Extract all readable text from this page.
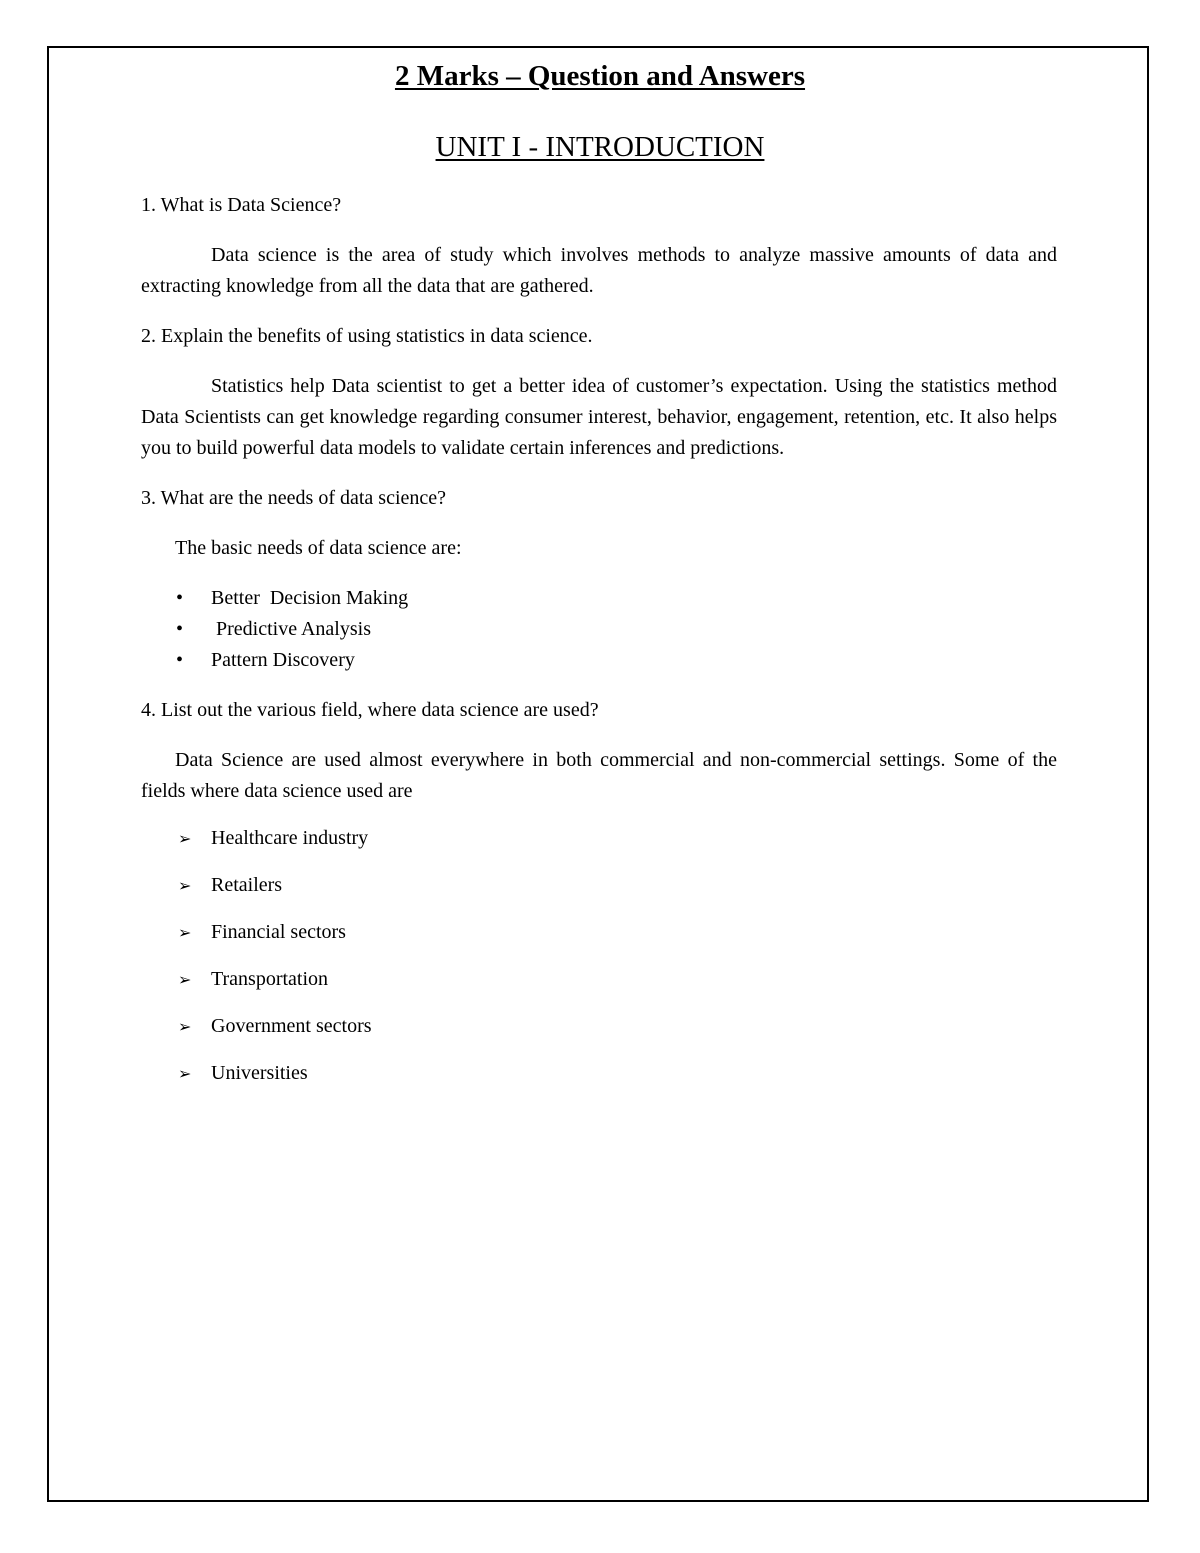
2 Marks – Question and Answers
UNIT I - INTRODUCTION

1. What is Data Science?

Data science is the area of study which involves methods to analyze massive amounts of data and extracting knowledge from all the data that are gathered.

2. Explain the benefits of using statistics in data science.

Statistics help Data scientist to get a better idea of customer’s expectation. Using the statistics method Data Scientists can get knowledge regarding consumer interest, behavior, engagement, retention, etc. It also helps you to build powerful data models to validate certain inferences and predictions.

3. What are the needs of data science?

The basic needs of data science are:

• Better  Decision Making
• Predictive Analysis
• Pattern Discovery

4. List out the various field, where data science are used?

Data Science are used almost everywhere in both commercial and non-commercial settings. Some of the fields where data science used are

➢ Healthcare industry
➢ Retailers
➢ Financial sectors
➢ Transportation
➢ Government sectors
➢ Universities
